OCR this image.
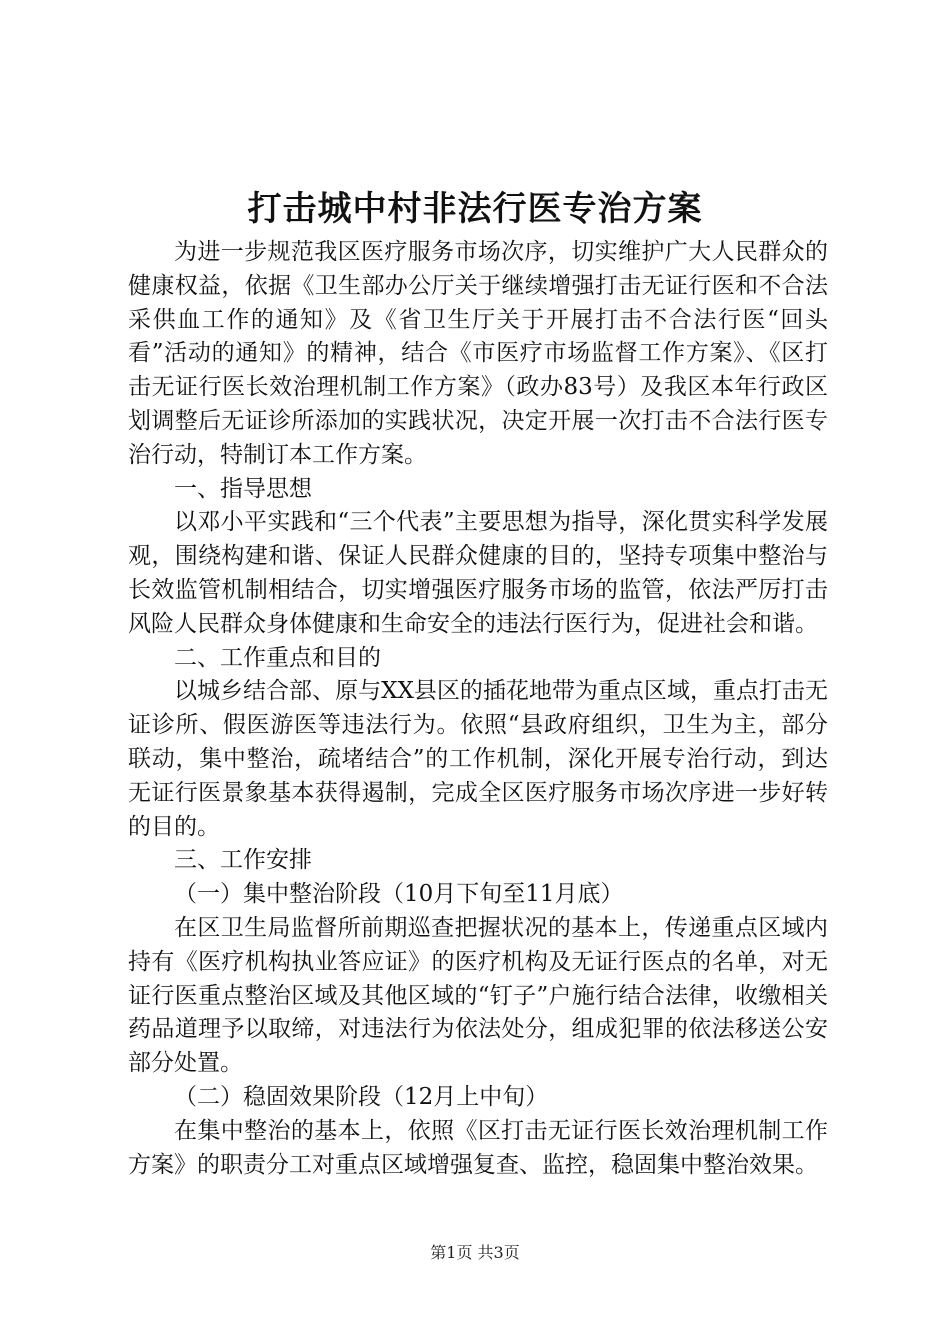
打击城中村非法行医专治方案

为进一步规范我区医疗服务市场次序，切实维护广大人民群众的健康权益，依据《卫生部办公厅关于继续增强打击无证行医和不合法采供血工作的通知》及《省卫生厅关于开展打击不合法行医“回头看”活动的通知》的精神，结合《市医疗市场监督工作方案》、《区打击无证行医长效治理机制工作方案》（政办83号）及我区本年行政区划调整后无证诊所添加的实践状况，决定开展一次打击不合法行医专治行动，特制订本工作方案。

一、指导思想

以邓小平实践和“三个代表”主要思想为指导，深化贯实科学发展观，围绕构建和谐、保证人民群众健康的目的，坚持专项集中整治与长效监管机制相结合，切实增强医疗服务市场的监管，依法严厉打击风险人民群众身体健康和生命安全的违法行医行为，促进社会和谐。

二、工作重点和目的

以城乡结合部、原与XX县区的插花地带为重点区域，重点打击无证诊所、假医游医等违法行为。依照“县政府组织，卫生为主，部分联动，集中整治，疏堵结合”的工作机制，深化开展专治行动，到达无证行医景象基本获得遏制，完成全区医疗服务市场次序进一步好转的目的。

三、工作安排

（一）集中整治阶段（10月下旬至11月底）

在区卫生局监督所前期巡查把握状况的基本上，传递重点区域内持有《医疗机构执业答应证》的医疗机构及无证行医点的名单，对无证行医重点整治区域及其他区域的“钉子”户施行结合法律，收缴相关药品道理予以取缔，对违法行为依法处分，组成犯罪的依法移送公安部分处置。

（二）稳固效果阶段（12月上中旬）

在集中整治的基本上，依照《区打击无证行医长效治理机制工作方案》的职责分工对重点区域增强复查、监控，稳固集中整治效果。

第1页 共3页
